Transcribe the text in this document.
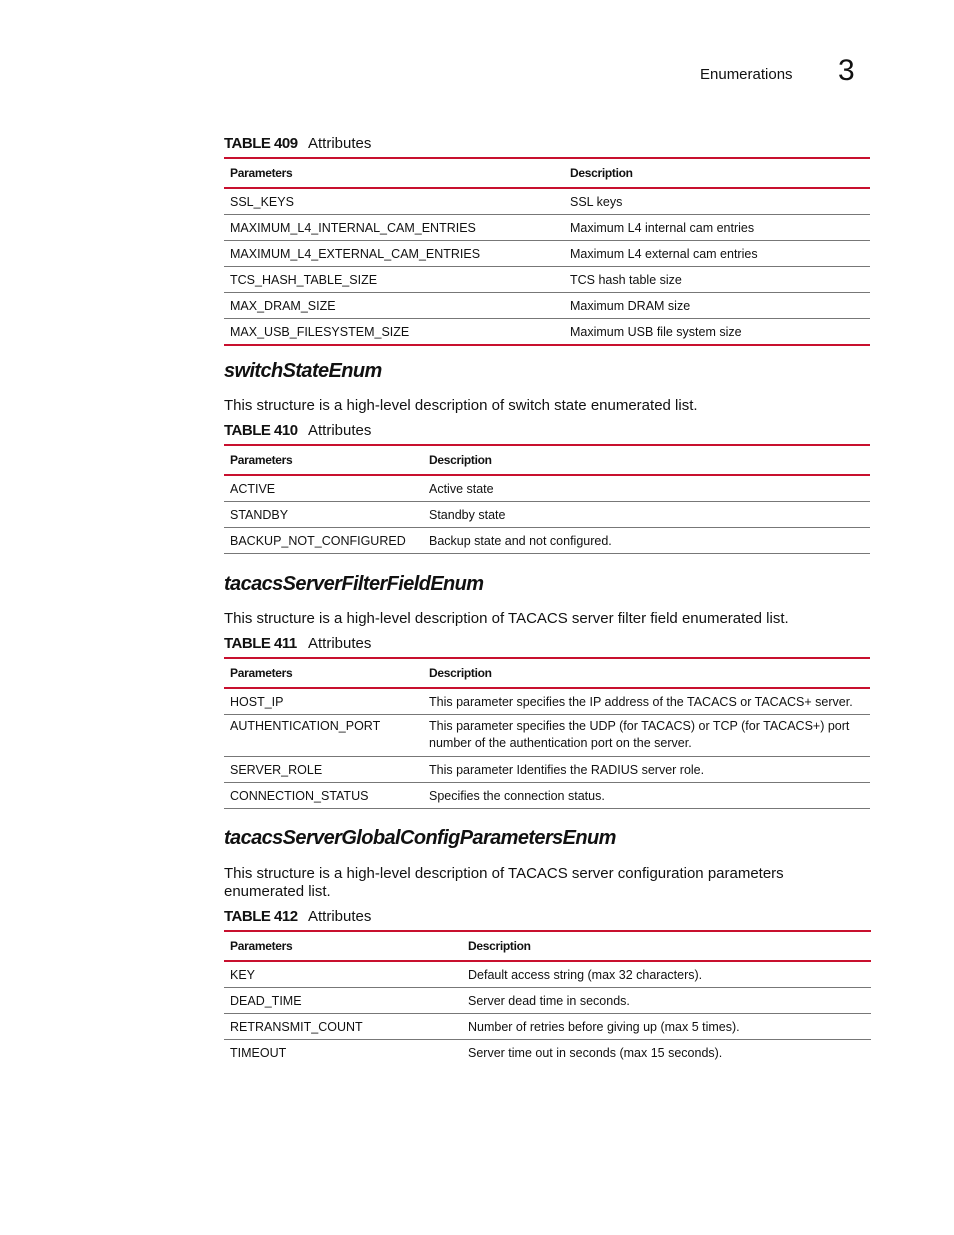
Enumerations 3
TABLE 409 Attributes
Parameters	Description
SSL_KEYS	SSL keys
MAXIMUM_L4_INTERNAL_CAM_ENTRIES	Maximum L4 internal cam entries
MAXIMUM_L4_EXTERNAL_CAM_ENTRIES	Maximum L4 external cam entries
TCS_HASH_TABLE_SIZE	TCS hash table size
MAX_DRAM_SIZE	Maximum DRAM size
MAX_USB_FILESYSTEM_SIZE	Maximum USB file system size
switchStateEnum

This structure is a high-level description of switch state enumerated list.

TABLE 410 Attributes
Parameters	Description
ACTIVE	Active state
STANDBY	Standby state
BACKUP_NOT_CONFIGURED	Backup state and not configured.
tacacsServerFilterFieldEnum

This structure is a high-level description of TACACS server filter field enumerated list.

TABLE 411 Attributes
Parameters	Description
HOST_IP	This parameter specifies the IP address of the TACACS or TACACS+ server.
AUTHENTICATION_PORT	This parameter specifies the UDP (for TACACS) or TCP (for TACACS+) port number of the authentication port on the server.
SERVER_ROLE	This parameter Identifies the RADIUS server role.
CONNECTION_STATUS	Specifies the connection status.
tacacsServerGlobalConfigParametersEnum

This structure is a high-level description of TACACS server configuration parameters enumerated list.

TABLE 412 Attributes
Parameters	Description
KEY	Default access string (max 32 characters).
DEAD_TIME	Server dead time in seconds.
RETRANSMIT_COUNT	Number of retries before giving up (max 5 times).
TIMEOUT	Server time out in seconds (max 15 seconds).
